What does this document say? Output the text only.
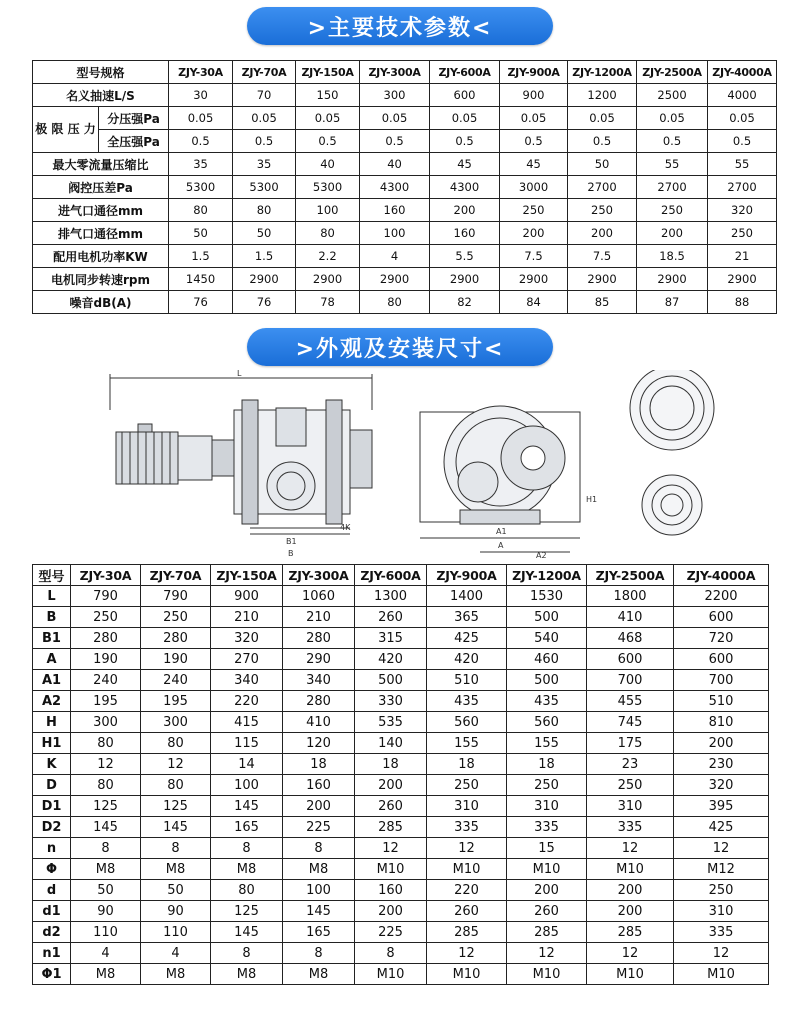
>主要技术参数<
型号规格		ZJY-30A	ZJY-70A	ZJY-150A	ZJY-300A	ZJY-600A	ZJY-900A	ZJY-1200A	ZJY-2500A	ZJY-4000A
名义抽速L/S		30	70	150	300	600	900	1200	2500	4000
极 限 压 力	分压强Pa	0.05	0.05	0.05	0.05	0.05	0.05	0.05	0.05	0.05
	全压强Pa	0.5	0.5	0.5	0.5	0.5	0.5	0.5	0.5	0.5
最大零流量压缩比		35	35	40	40	45	45	50	55	55
阀控压差Pa		5300	5300	5300	4300	4300	3000	2700	2700	2700
进气口通径mm		80	80	100	160	200	250	250	250	320
排气口通径mm		50	50	80	100	160	200	200	200	250
配用电机功率KW		1.5	1.5	2.2	4	5.5	7.5	7.5	18.5	21
电机同步转速rpm		1450	2900	2900	2900	2900	2900	2900	2900	2900
噪音dB(A)		76	76	78	80	82	84	85	87	88
>外观及安装尺寸<
L
4K
B1
B
A1
A
A2
H1
型号	ZJY-30A	ZJY-70A	ZJY-150A	ZJY-300A	ZJY-600A	ZJY-900A	ZJY-1200A	ZJY-2500A	ZJY-4000A
L	790	790	900	1060	1300	1400	1530	1800	2200
B	250	250	210	210	260	365	500	410	600
B1	280	280	320	280	315	425	540	468	720
A	190	190	270	290	420	420	460	600	600
A1	240	240	340	340	500	510	500	700	700
A2	195	195	220	280	330	435	435	455	510
H	300	300	415	410	535	560	560	745	810
H1	80	80	115	120	140	155	155	175	200
K	12	12	14	18	18	18	18	23	230
D	80	80	100	160	200	250	250	250	320
D1	125	125	145	200	260	310	310	310	395
D2	145	145	165	225	285	335	335	335	425
n	8	8	8	8	12	12	15	12	12
Φ	M8	M8	M8	M8	M10	M10	M10	M10	M12
d	50	50	80	100	160	220	200	200	250
d1	90	90	125	145	200	260	260	200	310
d2	110	110	145	165	225	285	285	285	335
n1	4	4	8	8	8	12	12	12	12
Φ1	M8	M8	M8	M8	M10	M10	M10	M10	M10
